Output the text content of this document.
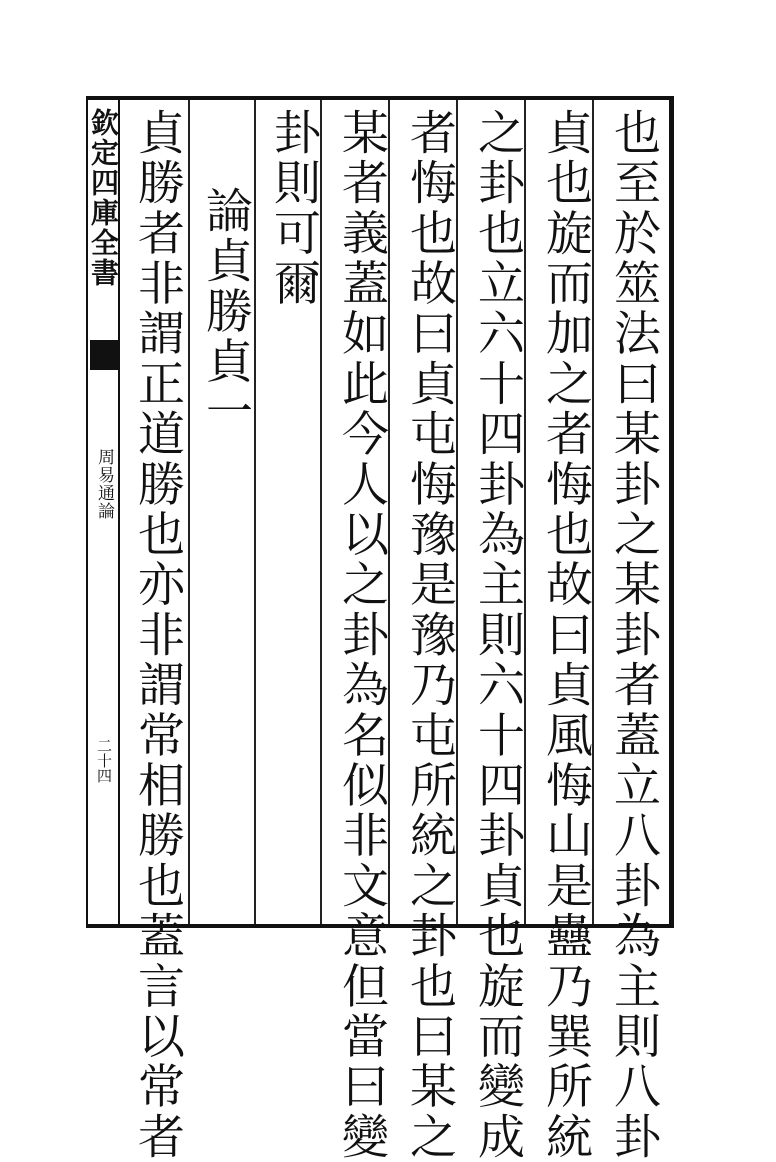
欽定四庫全書
周易通論
二十四	也至於筮法曰某卦之某卦者蓋立八卦為主則八卦
貞也旋而加之者悔也故曰貞風悔山是蠱乃巽所統
之卦也立六十四卦為主則六十四卦貞也旋而變成
者悔也故曰貞屯悔豫是豫乃屯所統之卦也曰某之
某者義蓋如此今人以之卦為名似非文意但當曰變
卦則可爾
論貞勝貞一
貞勝者非謂正道勝也亦非謂常相勝也蓋言以常者
